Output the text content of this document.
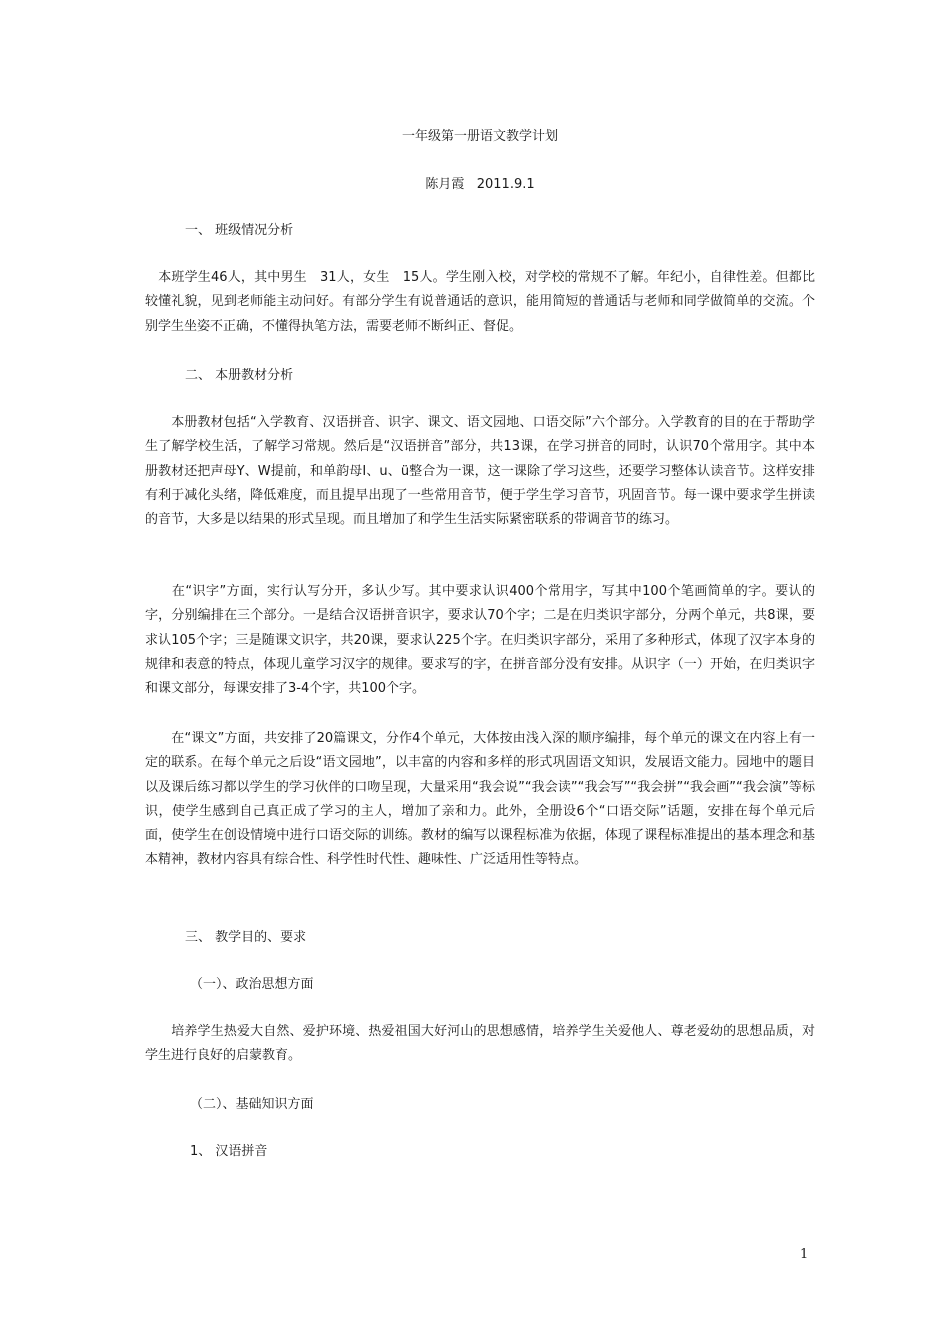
一年级第一册语文教学计划

陈月霞   2011.9.1

一、 班级情况分析

　本班学生46人，其中男生　31人，女生　15人。学生刚入校，对学校的常规不了解。年纪小，自律性差。但都比较懂礼貌，见到老师能主动问好。有部分学生有说普通话的意识，能用简短的普通话与老师和同学做简单的交流。个别学生坐姿不正确，不懂得执笔方法，需要老师不断纠正、督促。

二、 本册教材分析

　　本册教材包括“入学教育、汉语拼音、识字、课文、语文园地、口语交际”六个部分。入学教育的目的在于帮助学生了解学校生活，了解学习常规。然后是“汉语拼音”部分，共13课，在学习拼音的同时，认识70个常用字。其中本册教材还把声母Y、W提前，和单韵母I、u、ü整合为一课，这一课除了学习这些，还要学习整体认读音节。这样安排有利于减化头绪，降低难度，而且提早出现了一些常用音节，便于学生学习音节，巩固音节。每一课中要求学生拼读的音节，大多是以结果的形式呈现。而且增加了和学生生活实际紧密联系的带调音节的练习。

　　在“识字”方面，实行认写分开，多认少写。其中要求认识400个常用字，写其中100个笔画简单的字。要认的字，分别编排在三个部分。一是结合汉语拼音识字，要求认70个字；二是在归类识字部分，分两个单元，共8课，要求认105个字；三是随课文识字，共20课，要求认225个字。在归类识字部分，采用了多种形式，体现了汉字本身的规律和表意的特点，体现儿童学习汉字的规律。要求写的字，在拼音部分没有安排。从识字（一）开始，在归类识字和课文部分，每课安排了3-4个字，共100个字。

　　在“课文”方面，共安排了20篇课文，分作4个单元，大体按由浅入深的顺序编排，每个单元的课文在内容上有一定的联系。在每个单元之后设“语文园地”，以丰富的内容和多样的形式巩固语文知识，发展语文能力。园地中的题目以及课后练习都以学生的学习伙伴的口吻呈现，大量采用“我会说”“我会读”“我会写”“我会拼”“我会画”“我会演”等标识，使学生感到自己真正成了学习的主人，增加了亲和力。此外，全册设6个“口语交际”话题，安排在每个单元后面，使学生在创设情境中进行口语交际的训练。教材的编写以课程标准为依据，体现了课程标准提出的基本理念和基本精神，教材内容具有综合性、科学性时代性、趣味性、广泛适用性等特点。

三、 教学目的、要求

（一）、政治思想方面

　　培养学生热爱大自然、爱护环境、热爱祖国大好河山的思想感情，培养学生关爱他人、尊老爱幼的思想品质，对学生进行良好的启蒙教育。

（二）、基础知识方面

1、 汉语拼音

1
